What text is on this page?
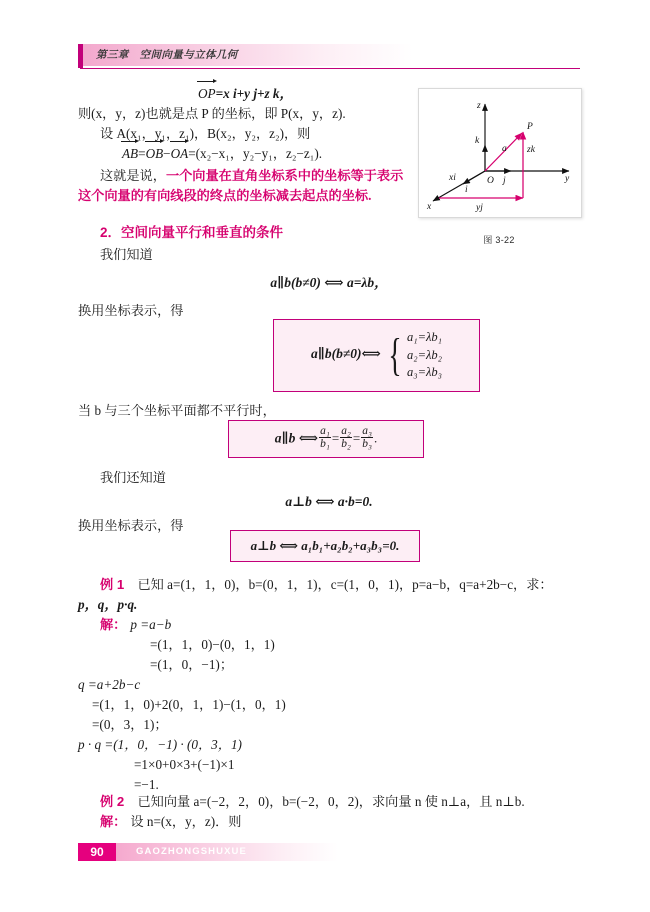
第三章　空间向量与立体几何
z
y
x
O j
k
P
i
xi
yj
a zk
图 3-22
OP=x i+y j+z k，
则(x，y，z)也就是点 P 的坐标，即 P(x，y，z).
设 A(x₁，y₁，z₁)，B(x₂，y₂，z₂)，则
AB=OB−OA=(x₂−x₁，y₂−y₁，z₂−z₁).
这就是说，一个向量在直角坐标系中的坐标等于表示
这个向量的有向线段的终点的坐标减去起点的坐标.
2．空间向量平行和垂直的条件
我们知道
a∥b(b≠0) ⟺ a=λb，
换用坐标表示，得
a∥b(b≠0)⟺ { a₁=λb₁
a₂=λb₂
a₃=λb₃
当 b 与三个坐标平面都不平行时，
a∥b ⟺ $\frac{\text{a₁}}{\text{b₁}} = \frac{\text{a₂}}{\text{b₂}} = \frac{\text{a₃}}{\text{b₃}}$ .
我们还知道
a⊥b ⟺ a·b=0.
换用坐标表示，得
a⊥b ⟺ a₁b₁+a₂b₂+a₃b₃=0.
例 1 已知 a=(1，1，0)，b=(0，1，1)，c=(1，0，1)，p=a−b，q=a+2b−c，求：
p，q，p·q.
解： p =a−b
=(1，1，0)−(0，1，1)
=(1，0，−1)；
q =a+2b−c
=(1，1，0)+2(0，1，1)−(1，0，1)
=(0，3，1)；
p · q =(1，0，−1) · (0，3，1)
=1×0+0×3+(−1)×1
=−1.
例 2 已知向量 a=(−2，2，0)，b=(−2，0，2)，求向量 n 使 n⊥a，且 n⊥b.
解： 设 n=(x，y，z)．则
90	GAOZHONGSHUXUE
